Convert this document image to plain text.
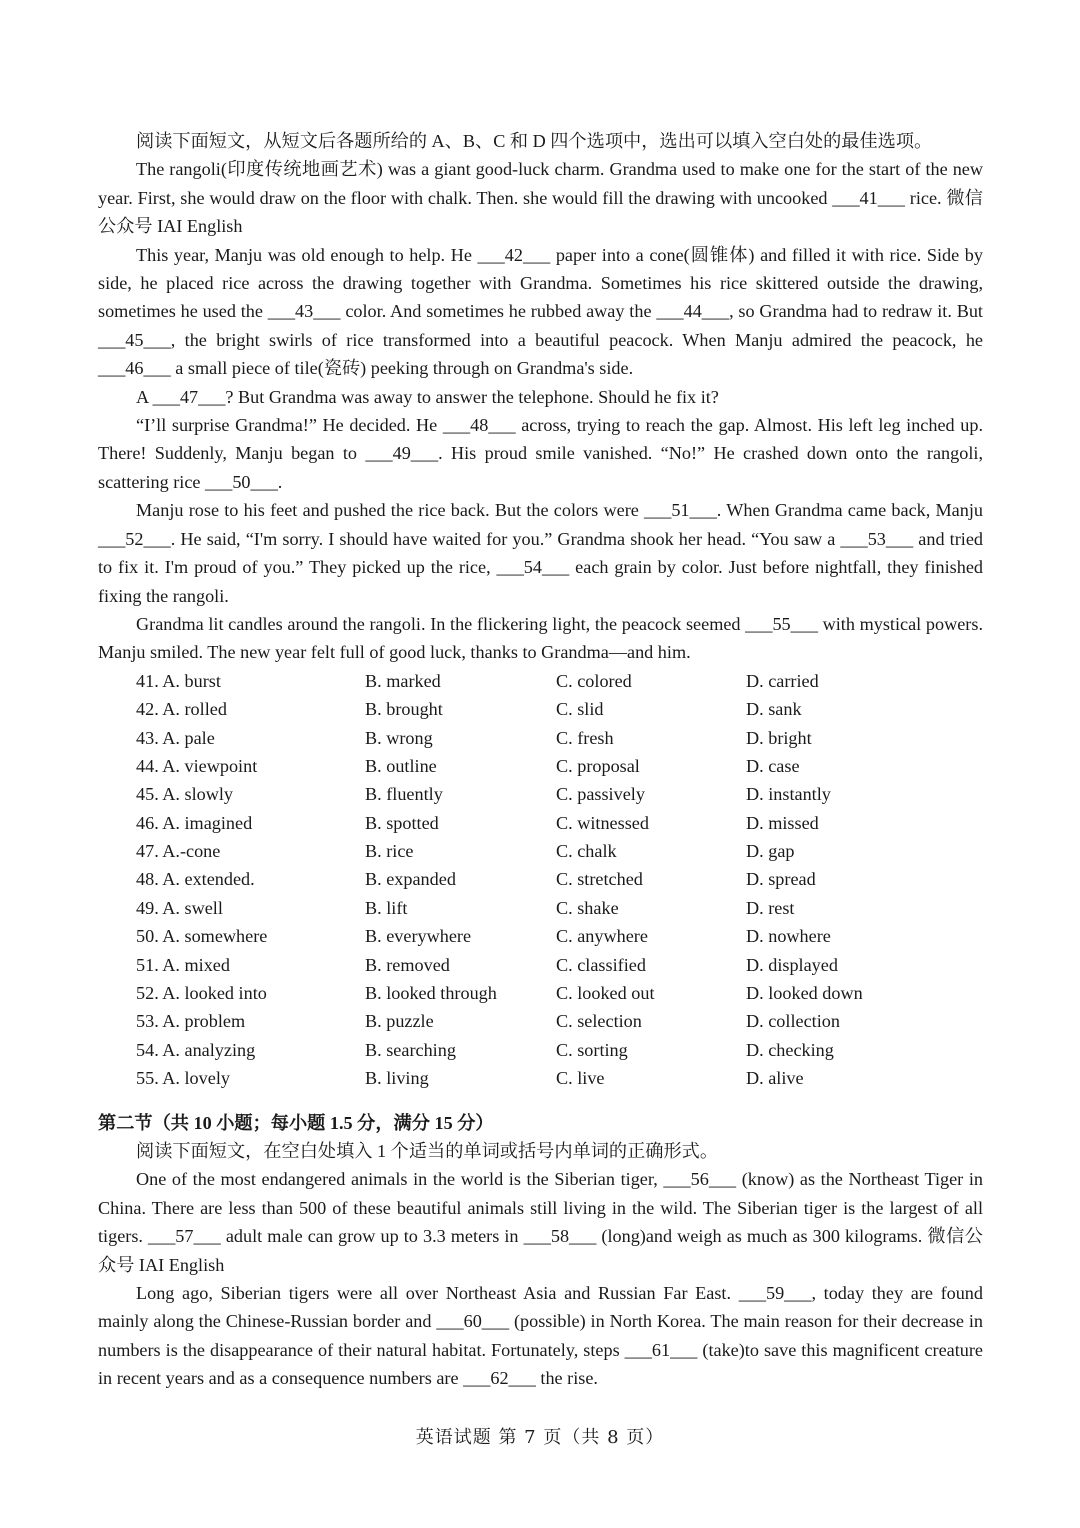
阅读下面短文，从短文后各题所给的 A、B、C 和 D 四个选项中，选出可以填入空白处的最佳选项。

The rangoli(印度传统地画艺术) was a giant good-luck charm. Grandma used to make one for the start of the new year. First, she would draw on the floor with chalk. Then. she would fill the drawing with uncooked ___41___ rice. 微信公众号 IAI English

This year, Manju was old enough to help. He ___42___ paper into a cone(圆锥体) and filled it with rice. Side by side, he placed rice across the drawing together with Grandma. Sometimes his rice skittered outside the drawing, sometimes he used the ___43___ color. And sometimes he rubbed away the ___44___, so Grandma had to redraw it. But ___45___, the bright swirls of rice transformed into a beautiful peacock. When Manju admired the peacock, he ___46___ a small piece of tile(瓷砖) peeking through on Grandma's side.

A ___47___? But Grandma was away to answer the telephone. Should he fix it?

“I’ll surprise Grandma!” He decided. He ___48___ across, trying to reach the gap. Almost. His left leg inched up. There! Suddenly, Manju began to ___49___. His proud smile vanished. “No!” He crashed down onto the rangoli, scattering rice ___50___.

Manju rose to his feet and pushed the rice back. But the colors were ___51___. When Grandma came back, Manju ___52___. He said, “I'm sorry. I should have waited for you.” Grandma shook her head. “You saw a ___53___ and tried to fix it. I'm proud of you.” They picked up the rice, ___54___ each grain by color. Just before nightfall, they finished fixing the rangoli.

Grandma lit candles around the rangoli. In the flickering light, the peacock seemed ___55___ with mystical powers. Manju smiled. The new year felt full of good luck, thanks to Grandma—and him.

41. A. burst	B. marked	C. colored	D. carried
42. A. rolled	B. brought	C. slid	D. sank
43. A. pale	B. wrong	C. fresh	D. bright
44. A. viewpoint	B. outline	C. proposal	D. case
45. A. slowly	B. fluently	C. passively	D. instantly
46. A. imagined	B. spotted	C. witnessed	D. missed
47. A.-cone	B. rice	C. chalk	D. gap
48. A. extended.	B. expanded	C. stretched	D. spread
49. A. swell	B. lift	C. shake	D. rest
50. A. somewhere	B. everywhere	C. anywhere	D. nowhere
51. A. mixed	B. removed	C. classified	D. displayed
52. A. looked into	B. looked through	C. looked out	D. looked down
53. A. problem	B. puzzle	C. selection	D. collection
54. A. analyzing	B. searching	C. sorting	D. checking
55. A. lovely	B. living	C. live	D. alive

第二节（共 10 小题；每小题 1.5 分，满分 15 分）

阅读下面短文，在空白处填入 1 个适当的单词或括号内单词的正确形式。

One of the most endangered animals in the world is the Siberian tiger, ___56___ (know) as the Northeast Tiger in China. There are less than 500 of these beautiful animals still living in the wild. The Siberian tiger is the largest of all tigers. ___57___ adult male can grow up to 3.3 meters in ___58___ (long)and weigh as much as 300 kilograms. 微信公众号 IAI English

Long ago, Siberian tigers were all over Northeast Asia and Russian Far East. ___59___, today they are found mainly along the Chinese-Russian border and ___60___ (possible) in North Korea. The main reason for their decrease in numbers is the disappearance of their natural habitat. Fortunately, steps ___61___ (take)to save this magnificent creature in recent years and as a consequence numbers are ___62___ the rise.

英语试题 第 7 页（共 8 页）
